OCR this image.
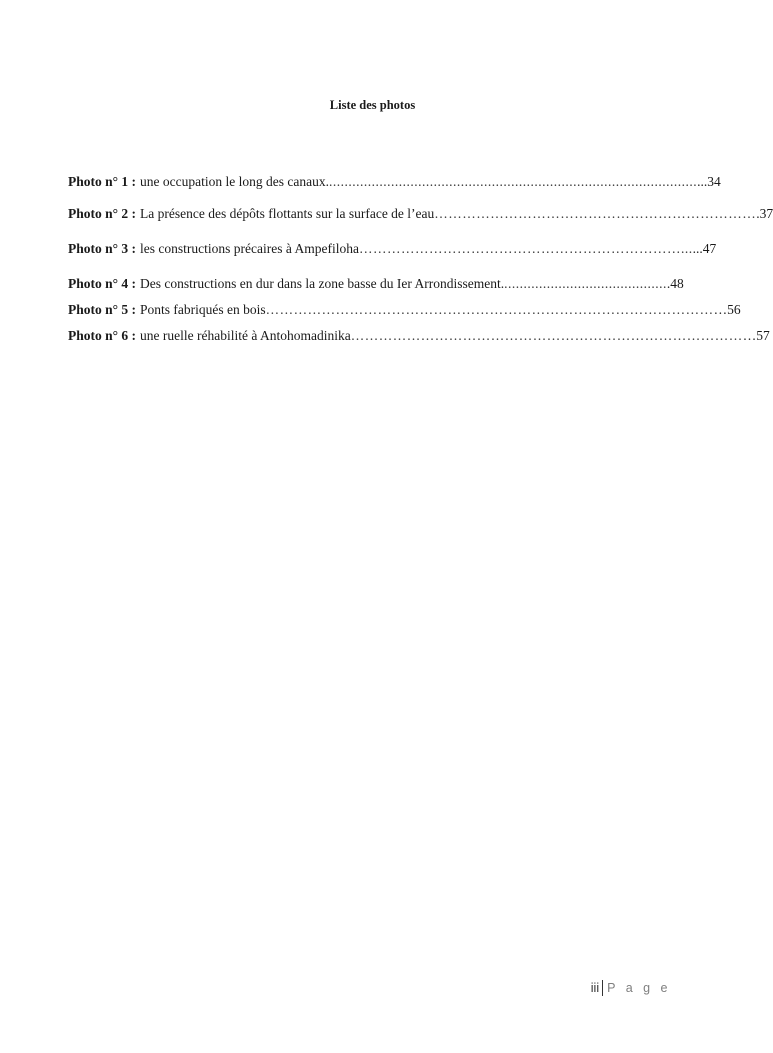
Liste des photos
Photo n° 1 : une occupation le long des canaux. ............................................................................................... ...34
Photo n° 2 : La présence des dépôts flottants sur la surface de l’eau …………………………………………………………… .37
Photo n° 3 : les constructions précaires à Ampefiloha ……………………………………………………………... ...47
Photo n° 4 : Des constructions en dur dans la zone basse du Ier Arrondissement. .......................................... .48
Photo n° 5 : Ponts fabriqués en bois …………………………………………………………………………………… …56
Photo n° 6 : une ruelle réhabilité à Antohomadinika ………………………………………………………………………… …57
iii P a g e
